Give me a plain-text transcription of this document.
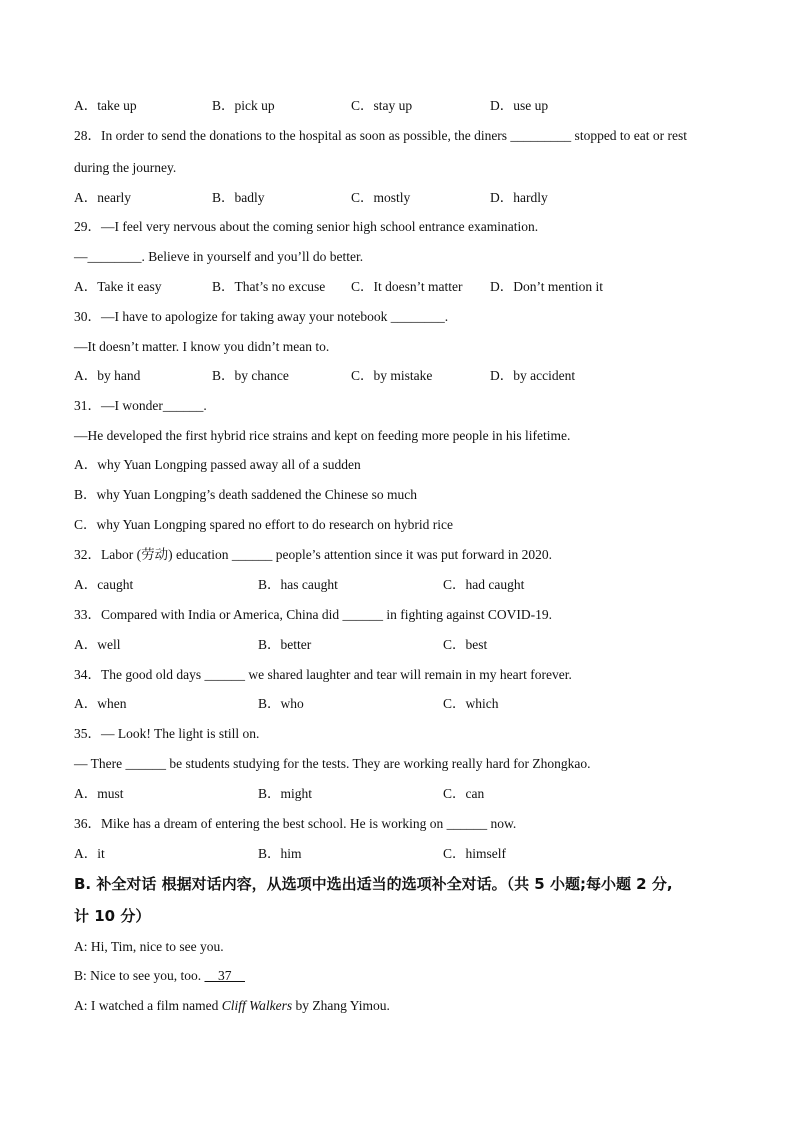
A．take up	B．pick up	C．stay up	D．use up
28．In order to send the donations to the hospital as soon as possible, the diners _________ stopped to eat or rest
during the journey.
A．nearly	B．badly	C．mostly	D．hardly
29．—I feel very nervous about the coming senior high school entrance examination.
—________. Believe in yourself and you’ll do better.
A．Take it easy	B．That’s no excuse C．It doesn’t matter D．Don’t mention it
30．—I have to apologize for taking away your notebook ________.
—It doesn’t matter. I know you didn’t mean to.
A．by hand	B．by chance	C．by mistake	D．by accident
31．—I wonder______.
—He developed the first hybrid rice strains and kept on feeding more people in his lifetime.
A．why Yuan Longping passed away all of a sudden
B．why Yuan Longping’s death saddened the Chinese so much
C．why Yuan Longping spared no effort to do research on hybrid rice
32．Labor (劳动) education ______ people’s attention since it was put forward in 2020.
A．caught	B．has caught	C．had caught
33．Compared with India or America, China did ______ in fighting against COVID-19.
A．well	B．better	C．best
34．The good old days ______ we shared laughter and tear will remain in my heart forever.
A．when	B．who	C．which
35．— Look! The light is still on.
— There ______ be students studying for the tests. They are working really hard for Zhongkao.
A．must	B．might	C．can
36．Mike has a dream of entering the best school. He is working on ______ now.
A．it	B．him	C．himself
B. 补全对话 根据对话内容，从选项中选出适当的选项补全对话。（共 5 小题;每小题 2 分,
计 10 分）
A: Hi, Tim, nice to see you.
B: Nice to see you, too.     37
A: I watched a film named Cliff Walkers by Zhang Yimou.
